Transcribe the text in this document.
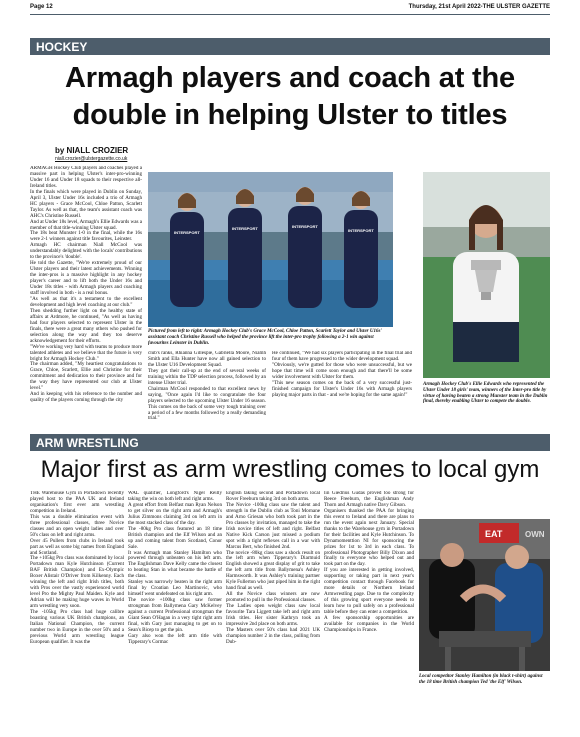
Page 12	Thursday, 21st April 2022-THE ULSTER GAZETTE
HOCKEY
Armagh players and coach at the double in helping Ulster to titles
by NIALL CROZIER
niall.crozier@ulstergazette.co.uk

ARMAGH Hockey Club players and coaches played a massive part in helping Ulster's inter-pro-winning Under 16 and Under 18 squads to their respective all-Ireland titles.

In the finals which were played in Dublin on Sunday, April 3, Ulster Under 16s included a trio of Armagh HC players - Grace McCool, Chloe Patton, Scarlett Taylor. As well as that, the team's assistant coach was AHC's Christine Russell.

And at Under 18s level, Armagh's Ellie Edwards was a member of that title-winning Ulster squad.

The 18s beat Munster 1-0 in the final, while the 16s were 2-1 winners against title favourites, Leinster.

Armagh HC chairman Niall McCool was understandably delighted with the locals' contributions to the province's 'double'.

He told the Gazette, "We're extremely proud of our Ulster players and their latest achievements. Winning the inter-pros is a massive highlight in any hockey player's career and to lift both the Under 16s and Under 18s titles - with Armagh players and coaching staff involved in both - is a real bonus.

"As well as that it's a testament to the excellent development and high level coaching at our club."

Then shedding further light on the healthy state of affairs at Ardmore, he continued, "As well as having had four players selected to represent Ulster in the finals, there were a great many others who pushed for selection along the way and they too deserve acknowledgement for their efforts.

"We've working very hard with teams to produce more talented athletes and we believe that the future is very bright for Armagh Hockey Club."

The chairman added, "My heartiest congratulations to Grace, Chloe, Scarlett, Ellie and Christine for their commitment and dedication to their province and for the way they have represented our club at Ulster level."

And in keeping with his reference to the number and quality of the players coming through the city

INTERSPORT
INTERSPORT	INTERSPORT
INTERSPORT
Pictured from left to right: Armagh Hockey Club's Grace McCool, Chloe Patton, Scarlett Taylor and Ulster U16s' assistant coach Christine Russell who helped the province lift the inter-pro trophy following a 2-1 win against favourites Leinster in Dublin.

club's ranks, Rhianna Gillespie, Gabriella Moore, Niamh Smith and Ella Hunter have now all gained selection to the Ulster U16 Development Squad.

They got their call-up at the end of several weeks of training within the TDP selection process, followed by an intense Ulster trial.

Chairman McCool responded to that excellent news by saying, "Once again I'd like to congratulate the four players selected to the upcoming Ulster Under 16 season. This comes on the back of some very tough training over a period of a few months followed by a really demanding trial."

He continued, "We had six players participating in the final trial and four of them have progressed to the wider development squad.

"Obviously, we're gutted for those who were unsuccessful, but we hope that time will come soon enough and that there'll be some wider involvement with Ulster for them.

"This new season comes on the back of a very successful just-finished campaign for Ulster's Under 16s with Armagh players playing major parts in that - and we're hoping for the same again!"

Armagh Hockey Club's Ellie Edwards who represented the Ulster Under 18 girls' team, winners of the Inter-pro title by virtue of having beaten a strong Munster team in the Dublin final, thereby enabling Ulster to compete the double.
ARM WRESTLING
Major first as arm wrestling comes to local gym

THE Warehouse Gym in Portadown recently played host to the PAA UK and Ireland organisation's first ever arm wrestling competition in Ireland.

This was a double elimination event with three professional classes, three Novice classes and an open weight ladies and over 50's class on left and right arms.

Over 45 Pullers from clubs in Ireland took part as well as some big names from England and Scotland.

The +105kg Pro class was dominated by local Portadown man Kyle Hutchinson (Current BAF British Champion) and Ex-Olympic Boxer Alistair O'Driver from Kilkenny. Each winning the left and right Irish titles, both with Pros over the vastly experienced world level Pro the Mighty Paul Maiden. Kyle and Adrian will be making huge waves in World arm wrestling very soon.

The -105kg Pro class had huge calibre boasting various UK British champions, an Italian National Champion, the current number two in Europe in the over 50's and a previous World arm wrestling league European qualifier. It was the

WAL qualifier, Longford's Nigel Reilly taking the win on both left and right arms.

A great effort from Belfast man Ryan Nelson to get silver on the right arm and Armagh's Julius Zimmons claiming 3rd on left arm in the most stacked class of the day.

The -80kg Pro class featured an 18 time British champion and the Elf Wilson and an up and coming talent from Scotland, Conor Sale.

It was Armagh man Stanley Hamilton who powered through unbeaten on his left arm. The Englishman Dave Kelly came the closest to beating Stan in what became the battle of the class.

Stanley was narrowly beaten in the right arm final by Croatian Leo Martinovic, who himself went undefeated on his right arm.

The novice +100kg class saw former strongman from Ballymena Gary McKelvey against a current Professional strongman the Giant Sean O'Hagan in a very tight right arm final, with Gary just managing to get on to Sean's Bicep to get the pin.

Gary also won the left arm title with Tipperary's Cormac

English taking second and Portadown local Rover Freeburn taking 3rd on both arms.

The Novice -100kg class saw the talent and strength in the Dublin club as Toni Mornane and Arno Griesan who both took part in the Pro classes by invitation, managed to take the Irish novice titles of left and right. Belfast Native Kick Carson just missed a podium spot with a tight reflexes call in a war with Marcus Bert, who finished 2nd.

The novice -80kg class saw a shock result on the left arm when Tipperary's Diarmuid English showed a great display of grit to take the left arm title from Ballymena's Ashley Harmsworth. It was Ashley's training partner Kyle Fullerton who just piped him in the right hand final as well.

All the Novice class winners are now promoted to pull in the Professional classes.

The Ladies open weight class saw local favourite Tara Liggett take left and right arm Irish titles. Her sister Kathryn took an impressive 2nd place on both arms.

The Masters over 50's class had 2021 UK champion number 2 in the class, pulling from Dub-

lin Giedrius Gudas proved too strong for Reece Freeburn, the Englishman Andy Thorn and Armagh native Davy Gibson.

Organisers thanked the PAA for bringing this event to Ireland and there are plans to run the event again next January. Special thanks to the Warehouse gym in Portadown for their facilities and Kyle Hutchinson. To Dynamomenttion NI for sponsoring the prizes for 1st to 3rd in each class. To professional Photographer Billy Dixon and finally to everyone who helped out and took part on the day.

If you are interested in getting involved, supporting or taking part in next year's competition contact through Facebook for more details or Northern Ireland Armwrestling page. Due to the complexity of this growing sport everyone needs to learn how to pull safely on a professional table before they can enter a competition.

A few sponsorship opportunities are available for companies in the World Championships in France.

EAT	OWN
Local competitor Stanley Hamilton (in black t-shirt) against the 18 time British champion Ted 'the Elf' Wilson.
